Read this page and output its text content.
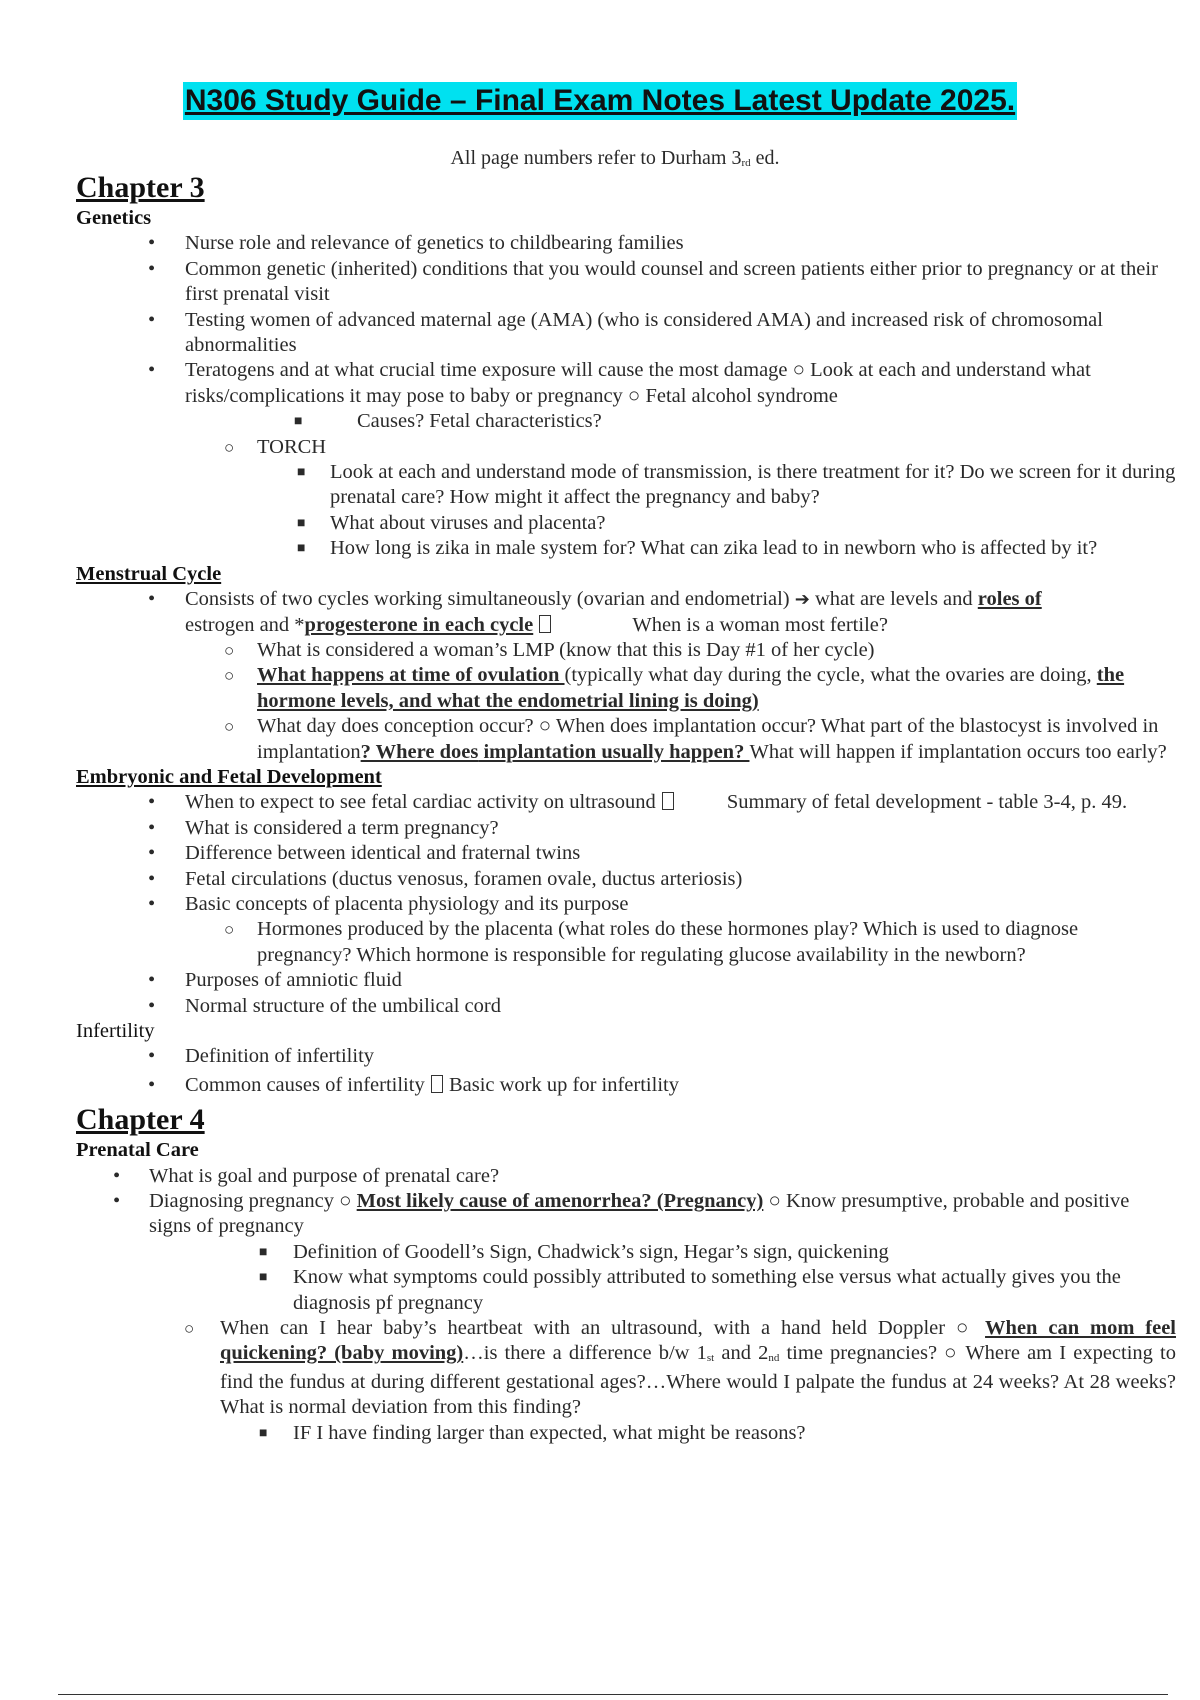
N306 Study Guide – Final Exam Notes Latest Update 2025.
All page numbers refer to Durham $3_{rd}$ ed.
Chapter 3
Genetics
• Nurse role and relevance of genetics to childbearing families
• Common genetic (inherited) conditions that you would counsel and screen patients either prior to pregnancy or at their first prenatal visit
• Testing women of advanced maternal age (AMA) (who is considered AMA) and increased risk of chromosomal abnormalities
• Teratogens and at what crucial time exposure will cause the most damage ○ Look at each and understand what risks/complications it may pose to baby or pregnancy ○ Fetal alcohol syndrome
■	Causes? Fetal characteristics?
○ TORCH
■ Look at each and understand mode of transmission, is there treatment for it? Do we screen for it during prenatal care? How might it affect the pregnancy and baby?
■ What about viruses and placenta?
■ How long is zika in male system for? What can zika lead to in newborn who is affected by it?
Menstrual Cycle
• Consists of two cycles working simultaneously (ovarian and endometrial) ➔ what are levels and roles of
estrogen and *progesterone in each cycle	When is a woman most fertile?
○ What is considered a woman’s LMP (know that this is Day #1 of her cycle)
○ What happens at time of ovulation (typically what day during the cycle, what the ovaries are doing, the hormone levels, and what the endometrial lining is doing)
○ What day does conception occur? ○ When does implantation occur? What part of the blastocyst is involved in implantation? Where does implantation usually happen? What will happen if implantation occurs too early?
Embryonic and Fetal Development
• When to expect to see fetal cardiac activity on ultrasound	Summary of fetal development - table 3-4, p. 49.
• What is considered a term pregnancy?
• Difference between identical and fraternal twins
• Fetal circulations (ductus venosus, foramen ovale, ductus arteriosis)
• Basic concepts of placenta physiology and its purpose
○ Hormones produced by the placenta (what roles do these hormones play? Which is used to diagnose pregnancy? Which hormone is responsible for regulating glucose availability in the newborn?
• Purposes of amniotic fluid
• Normal structure of the umbilical cord
Infertility
• Definition of infertility
• Common causes of infertility  Basic work up for infertility
Chapter 4
Prenatal Care
• What is goal and purpose of prenatal care?
• Diagnosing pregnancy ○ Most likely cause of amenorrhea? (Pregnancy) ○ Know presumptive, probable and positive signs of pregnancy
■ Definition of Goodell’s Sign, Chadwick’s sign, Hegar’s sign, quickening
■ Know what symptoms could possibly attributed to something else versus what actually gives you the diagnosis pf pregnancy
○ When can I hear baby’s heartbeat with an ultrasound, with a hand held Doppler ○ When can mom feel quickening? (baby moving)…is there a difference b/w $1_{st}$ and $2_{nd}$ time pregnancies? ○ Where am I expecting to find the fundus at during different gestational ages?…Where would I palpate the fundus at 24 weeks? At 28 weeks? What is normal deviation from this finding?
■ IF I have finding larger than expected, what might be reasons?
